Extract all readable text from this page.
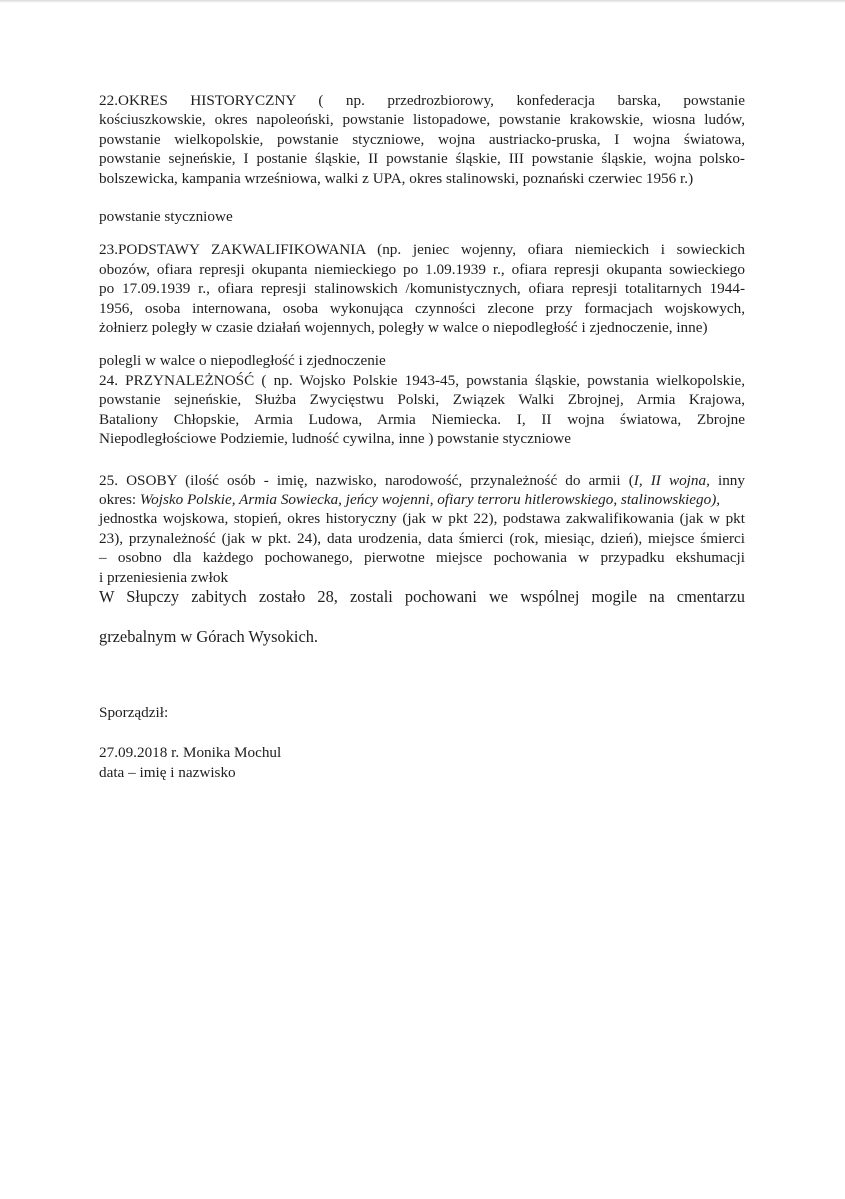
22.OKRES HISTORYCZNY ( np. przedrozbiorowy, konfederacja barska, powstanie
kościuszkowskie, okres napoleoński, powstanie listopadowe, powstanie krakowskie, wiosna ludów,
powstanie wielkopolskie, powstanie styczniowe, wojna austriacko-pruska, I wojna światowa,
powstanie sejneńskie, I postanie śląskie, II powstanie śląskie, III powstanie śląskie, wojna polsko-
bolszewicka, kampania wrześniowa, walki z UPA, okres stalinowski, poznański czerwiec 1956 r.)
powstanie styczniowe
23.PODSTAWY ZAKWALIFIKOWANIA (np. jeniec wojenny, ofiara niemieckich i sowieckich
obozów, ofiara represji okupanta niemieckiego po 1.09.1939 r., ofiara represji okupanta sowieckiego
po 17.09.1939 r., ofiara represji stalinowskich /komunistycznych, ofiara represji totalitarnych 1944-
1956, osoba internowana, osoba wykonująca czynności zlecone przy formacjach wojskowych,
żołnierz poległy w czasie działań wojennych, poległy w walce o niepodległość i zjednoczenie, inne)
polegli w walce o niepodległość i zjednoczenie
24. PRZYNALEŻNOŚĆ ( np. Wojsko Polskie 1943-45, powstania śląskie, powstania wielkopolskie,
powstanie sejneńskie, Służba Zwycięstwu Polski, Związek Walki Zbrojnej, Armia Krajowa,
Bataliony Chłopskie, Armia Ludowa, Armia Niemiecka. I, II wojna światowa, Zbrojne
Niepodległościowe Podziemie, ludność cywilna, inne ) powstanie styczniowe
25. OSOBY (ilość osób - imię, nazwisko, narodowość, przynależność do armii (I, II wojna, inny
okres: Wojsko Polskie, Armia Sowiecka, jeńcy wojenni, ofiary terroru hitlerowskiego, stalinowskiego),
jednostka wojskowa, stopień, okres historyczny (jak w pkt 22), podstawa zakwalifikowania (jak w pkt
23), przynależność (jak w pkt. 24), data urodzenia, data śmierci (rok, miesiąc, dzień), miejsce śmierci
– osobno dla każdego pochowanego, pierwotne miejsce pochowania w przypadku ekshumacji
i przeniesienia zwłok
W Słupczy zabitych zostało 28, zostali pochowani we wspólnej mogile na cmentarzu
grzebalnym w Górach Wysokich.
Sporządził:
27.09.2018 r. Monika Mochul
data – imię i nazwisko
